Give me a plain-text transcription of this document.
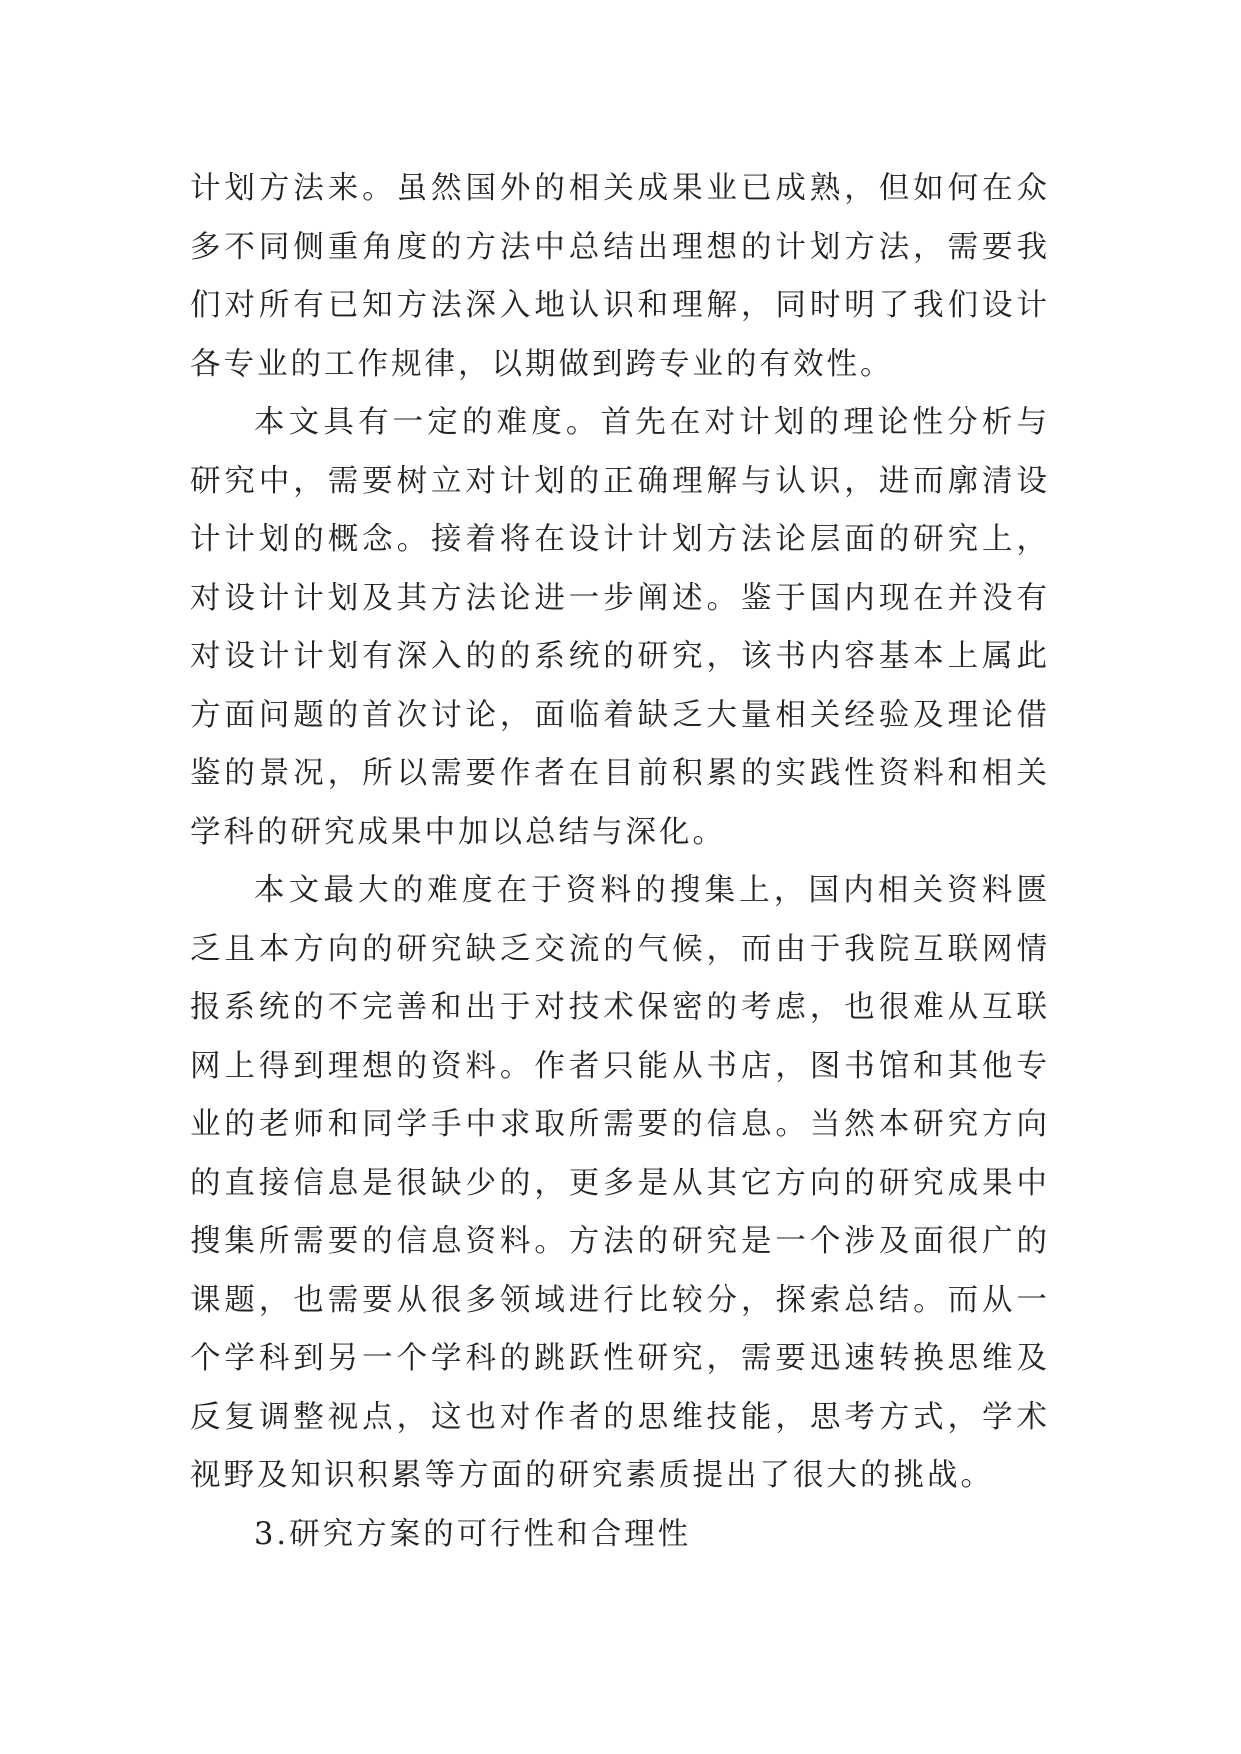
计划方法来。虽然国外的相关成果业已成熟，但如何在众多不同侧重角度的方法中总结出理想的计划方法，需要我们对所有已知方法深入地认识和理解，同时明了我们设计各专业的工作规律，以期做到跨专业的有效性。

本文具有一定的难度。首先在对计划的理论性分析与研究中，需要树立对计划的正确理解与认识，进而廓清设计计划的概念。接着将在设计计划方法论层面的研究上，对设计计划及其方法论进一步阐述。鉴于国内现在并没有对设计计划有深入的的系统的研究，该书内容基本上属此方面问题的首次讨论，面临着缺乏大量相关经验及理论借鉴的景况，所以需要作者在目前积累的实践性资料和相关学科的研究成果中加以总结与深化。

本文最大的难度在于资料的搜集上，国内相关资料匮乏且本方向的研究缺乏交流的气候，而由于我院互联网情报系统的不完善和出于对技术保密的考虑，也很难从互联网上得到理想的资料。作者只能从书店，图书馆和其他专业的老师和同学手中求取所需要的信息。当然本研究方向的直接信息是很缺少的，更多是从其它方向的研究成果中搜集所需要的信息资料。方法的研究是一个涉及面很广的课题，也需要从很多领域进行比较分，探索总结。而从一个学科到另一个学科的跳跃性研究，需要迅速转换思维及反复调整视点，这也对作者的思维技能，思考方式，学术视野及知识积累等方面的研究素质提出了很大的挑战。

3.研究方案的可行性和合理性
